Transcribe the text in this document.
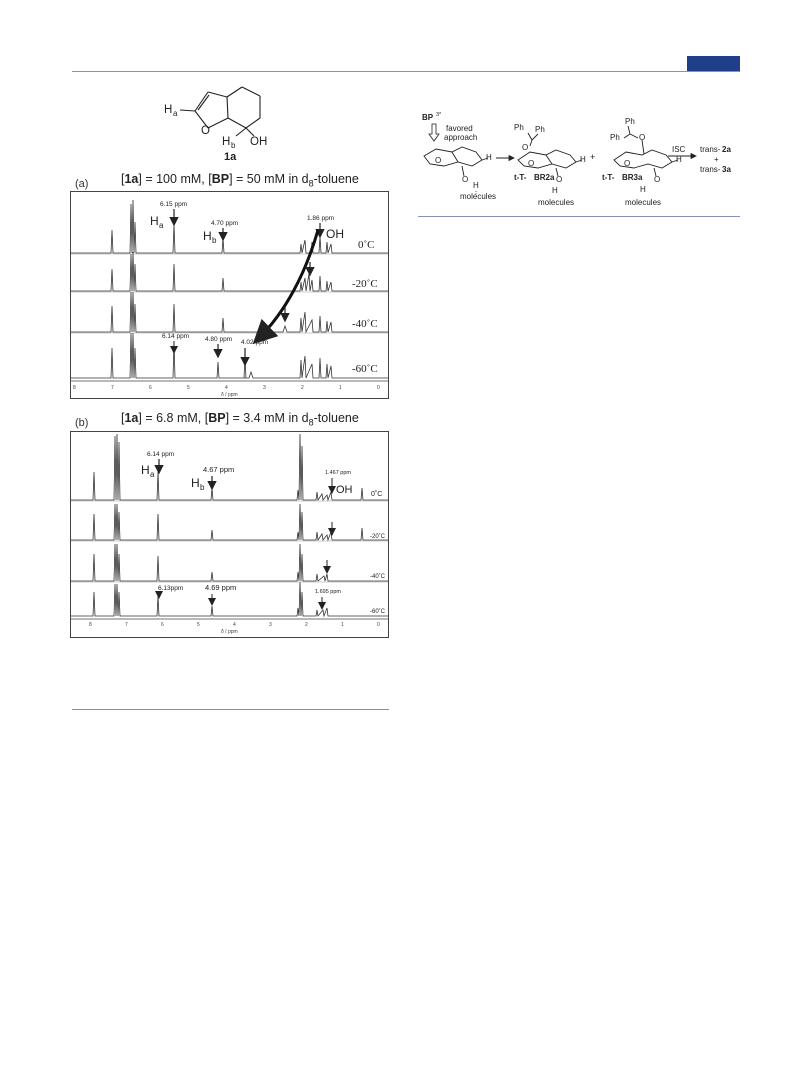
H a
O
H b OH
1a
(a)	[1a] = 100 mM, [BP] = 50 mM in $d_8$-toluene
6.15 ppm
H a	4.70 ppm
H b
1.86 ppm
OH
6.14 ppm 4.80 ppm 4.02 ppm
0˚C
-20˚C
-40˚C
-60˚C
8	7	6	5	4	3	2	1	0
δ / ppm
(b)	[1a] = 6.8 mM, [BP] = 3.4 mM in $d_8$-toluene
6.14 ppm
H a
4.67 ppm
H b
1.467 ppm
OH
6.13ppm	4.69 ppm	1.695 ppm
0˚C
-20˚C
-40˚C
-60˚C
8	7	6	5	4	3	2	1	0
δ / ppm
BP 3*
favored
approach
O	H
O
H
molecules
Ph Ph
O
O	H
O
t-T- BR2a
H
molecules
+
Ph
Ph O
O	H
O
t-T- BR3a
H
molecules
ISC trans- 2a
+
trans- 3a
